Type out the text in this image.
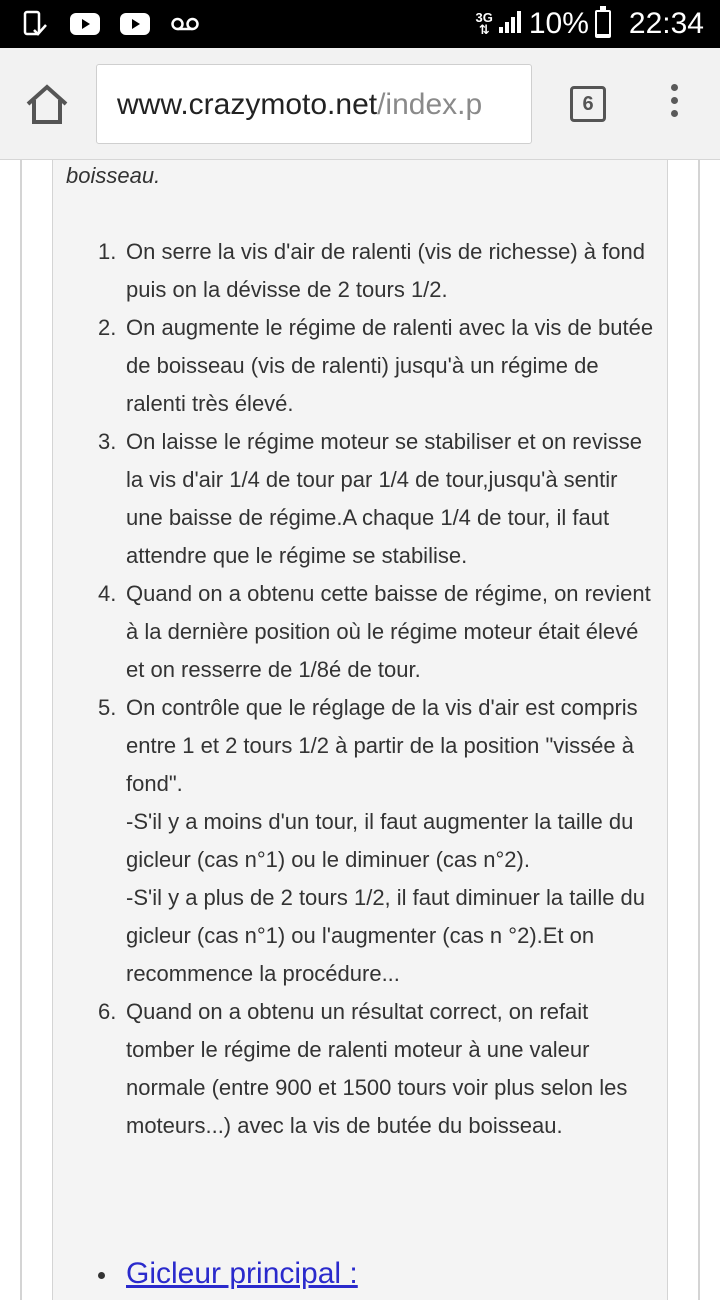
3G
⇅ 10% 22:34
www.crazymoto.net/index.p	6
boisseau.
1. On serre la vis d'air de ralenti (vis de richesse) à fond puis on la dévisse de 2 tours 1/2.
2. On augmente le régime de ralenti avec la vis de butée de boisseau (vis de ralenti) jusqu'à un régime de ralenti très élevé.
3. On laisse le régime moteur se stabiliser et on revisse la vis d'air 1/4 de tour par 1/4 de tour,jusqu'à sentir une baisse de régime.A chaque 1/4 de tour, il faut attendre que le régime se stabilise.
4. Quand on a obtenu cette baisse de régime, on revient à la dernière position où le régime moteur était élevé et on resserre de 1/8é de tour.
5. On contrôle que le réglage de la vis d'air est compris entre 1 et 2 tours 1/2 à partir de la position "vissée à fond".
-S'il y a moins d'un tour, il faut augmenter la taille du gicleur (cas n°1) ou le diminuer (cas n°2).
-S'il y a plus de 2 tours 1/2, il faut diminuer la taille du gicleur (cas n°1) ou l'augmenter (cas n °2).Et on recommence la procédure...
6. Quand on a obtenu un résultat correct, on refait tomber le régime de ralenti moteur à une valeur normale (entre 900 et 1500 tours voir plus selon les moteurs...) avec la vis de butée du boisseau.
Gicleur principal :
